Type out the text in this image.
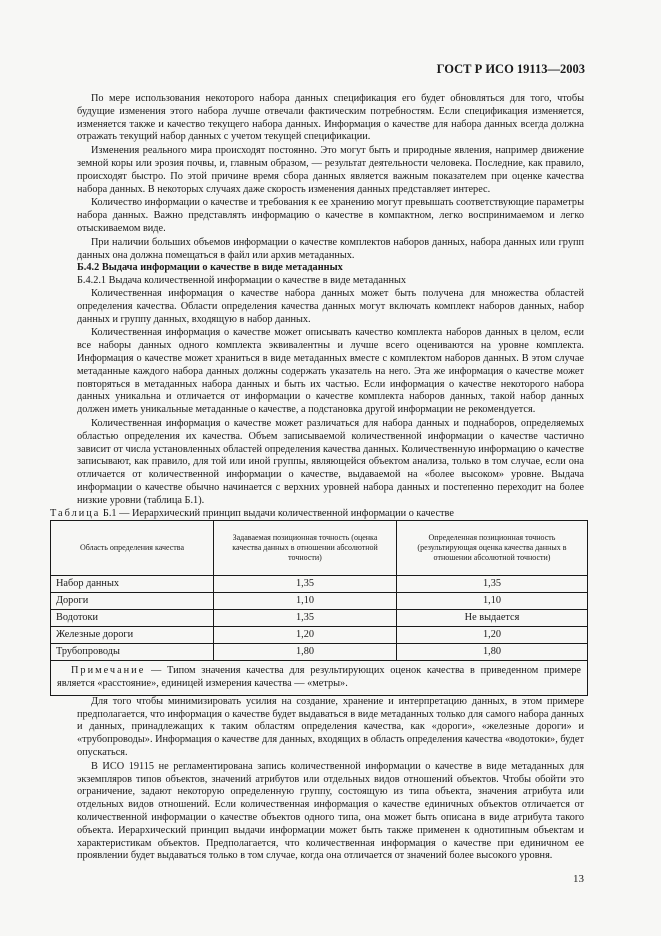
ГОСТ Р ИСО 19113—2003

По мере использования некоторого набора данных спецификация его будет обновляться для того, чтобы будущие изменения этого набора лучше отвечали фактическим потребностям. Если спецификация изменяется, изменяется также и качество текущего набора данных. Информация о качестве для набора данных всегда должна отражать текущий набор данных с учетом текущей спецификации.

Изменения реального мира происходят постоянно. Это могут быть и природные явления, например движение земной коры или эрозия почвы, и, главным образом, — результат деятельности человека. Последние, как правило, происходят быстро. По этой причине время сбора данных является важным показателем при оценке качества набора данных. В некоторых случаях даже скорость изменения данных представляет интерес.

Количество информации о качестве и требования к ее хранению могут превышать соответствующие параметры набора данных. Важно представлять информацию о качестве в компактном, легко воспринимаемом и легко отыскиваемом виде.

При наличии больших объемов информации о качестве комплектов наборов данных, набора данных или групп данных она должна помещаться в файл или архив метаданных.

Б.4.2 Выдача информации о качестве в виде метаданных

Б.4.2.1 Выдача количественной информации о качестве в виде метаданных

Количественная информация о качестве набора данных может быть получена для множества областей определения качества. Области определения качества данных могут включать комплект наборов данных, набор данных и группу данных, входящую в набор данных.

Количественная информация о качестве может описывать качество комплекта наборов данных в целом, если все наборы данных одного комплекта эквивалентны и лучше всего оцениваются на уровне комплекта. Информация о качестве может храниться в виде метаданных вместе с комплектом наборов данных. В этом случае метаданные каждого набора данных должны содержать указатель на него. Эта же информация о качестве может повторяться в метаданных набора данных и быть их частью. Если информация о качестве некоторого набора данных уникальна и отличается от информации о качестве комплекта наборов данных, такой набор данных должен иметь уникальные метаданные о качестве, а подстановка другой информации не рекомендуется.

Количественная информация о качестве может различаться для набора данных и поднаборов, определяемых областью определения их качества. Объем записываемой количественной информации о качестве частично зависит от числа установленных областей определения качества данных. Количественную информацию о качестве записывают, как правило, для той или иной группы, являющейся объектом анализа, только в том случае, если она отличается от количественной информации о качестве, выдаваемой на «более высоком» уровне. Выдача информации о качестве обычно начинается с верхних уровней набора данных и постепенно переходит на более низкие уровни (таблица Б.1).

Таблица Б.1 — Иерархический принцип выдачи количественной информации о качестве

Область определения качества	Задаваемая позиционная точность (оценка качества данных в отношении абсолютной точности)	Определенная позиционная точность (результирующая оценка качества данных в отношении абсолютной точности)
Набор данных	1,35	1,35
Дороги	1,10	1,10
Водотоки	1,35	Не выдается
Железные дороги	1,20	1,20
Трубопроводы	1,80	1,80
Примечание — Типом значения качества для результирующих оценок качества в приведенном примере является «расстояние», единицей измерения качества — «метры».		

Для того чтобы минимизировать усилия на создание, хранение и интерпретацию данных, в этом примере предполагается, что информация о качестве будет выдаваться в виде метаданных только для самого набора данных и данных, принадлежащих к таким областям определения качества, как «дороги», «железные дороги» и «трубопроводы». Информация о качестве для данных, входящих в область определения качества «водотоки», будет опускаться.

В ИСО 19115 не регламентирована запись количественной информации о качестве в виде метаданных для экземпляров типов объектов, значений атрибутов или отдельных видов отношений объектов. Чтобы обойти это ограничение, задают некоторую определенную группу, состоящую из типа объекта, значения атрибута или отдельных видов отношений. Если количественная информация о качестве единичных объектов отличается от количественной информации о качестве объектов одного типа, она может быть описана в виде атрибута такого объекта. Иерархический принцип выдачи информации может быть также применен к однотипным объектам и характеристикам объектов. Предполагается, что количественная информация о качестве при единичном ее проявлении будет выдаваться только в том случае, когда она отличается от значений более высокого уровня.

13
